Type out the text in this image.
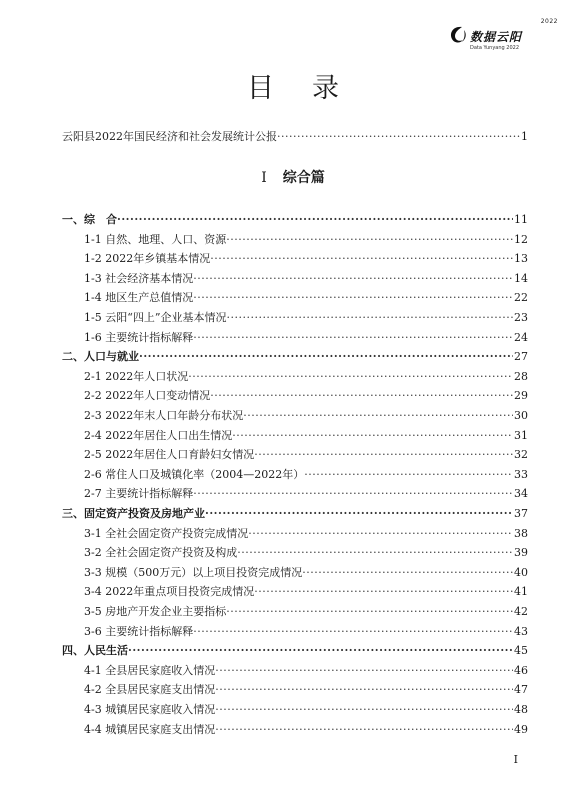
2022
数据云阳
Data Yunyang 2022
目录
云阳县2022年国民经济和社会发展统计公报 ·····	1
I 综合篇
一、综　合 ·····	11
1-1 自然、地理、人口、资源 ·····	12
1-2 2022年乡镇基本情况 ·····	13
1-3 社会经济基本情况 ·····	14
1-4 地区生产总值情况 ·····	22
1-5 云阳“四上”企业基本情况 ·····	23
1-6 主要统计指标解释 ·····	24
二、人口与就业 ·····	27
2-1 2022年人口状况 ·····	28
2-2 2022年人口变动情况 ·····	29
2-3 2022年末人口年龄分布状况 ·····	30
2-4 2022年居住人口出生情况 ·····	31
2-5 2022年居住人口育龄妇女情况 ·····	32
2-6 常住人口及城镇化率（2004—2022年） ·····	33
2-7 主要统计指标解释 ·····	34
三、固定资产投资及房地产业 ·····	37
3-1 全社会固定资产投资完成情况 ·····	38
3-2 全社会固定资产投资及构成 ·····	39
3-3 规模（500万元）以上项目投资完成情况 ·····	40
3-4 2022年重点项目投资完成情况 ·····	41
3-5 房地产开发企业主要指标 ·····	42
3-6 主要统计指标解释 ·····	43
四、人民生活 ·····	45
4-1 全县居民家庭收入情况 ·····	46
4-2 全县居民家庭支出情况 ·····	47
4-3 城镇居民家庭收入情况 ·····	48
4-4 城镇居民家庭支出情况 ·····	49
I
